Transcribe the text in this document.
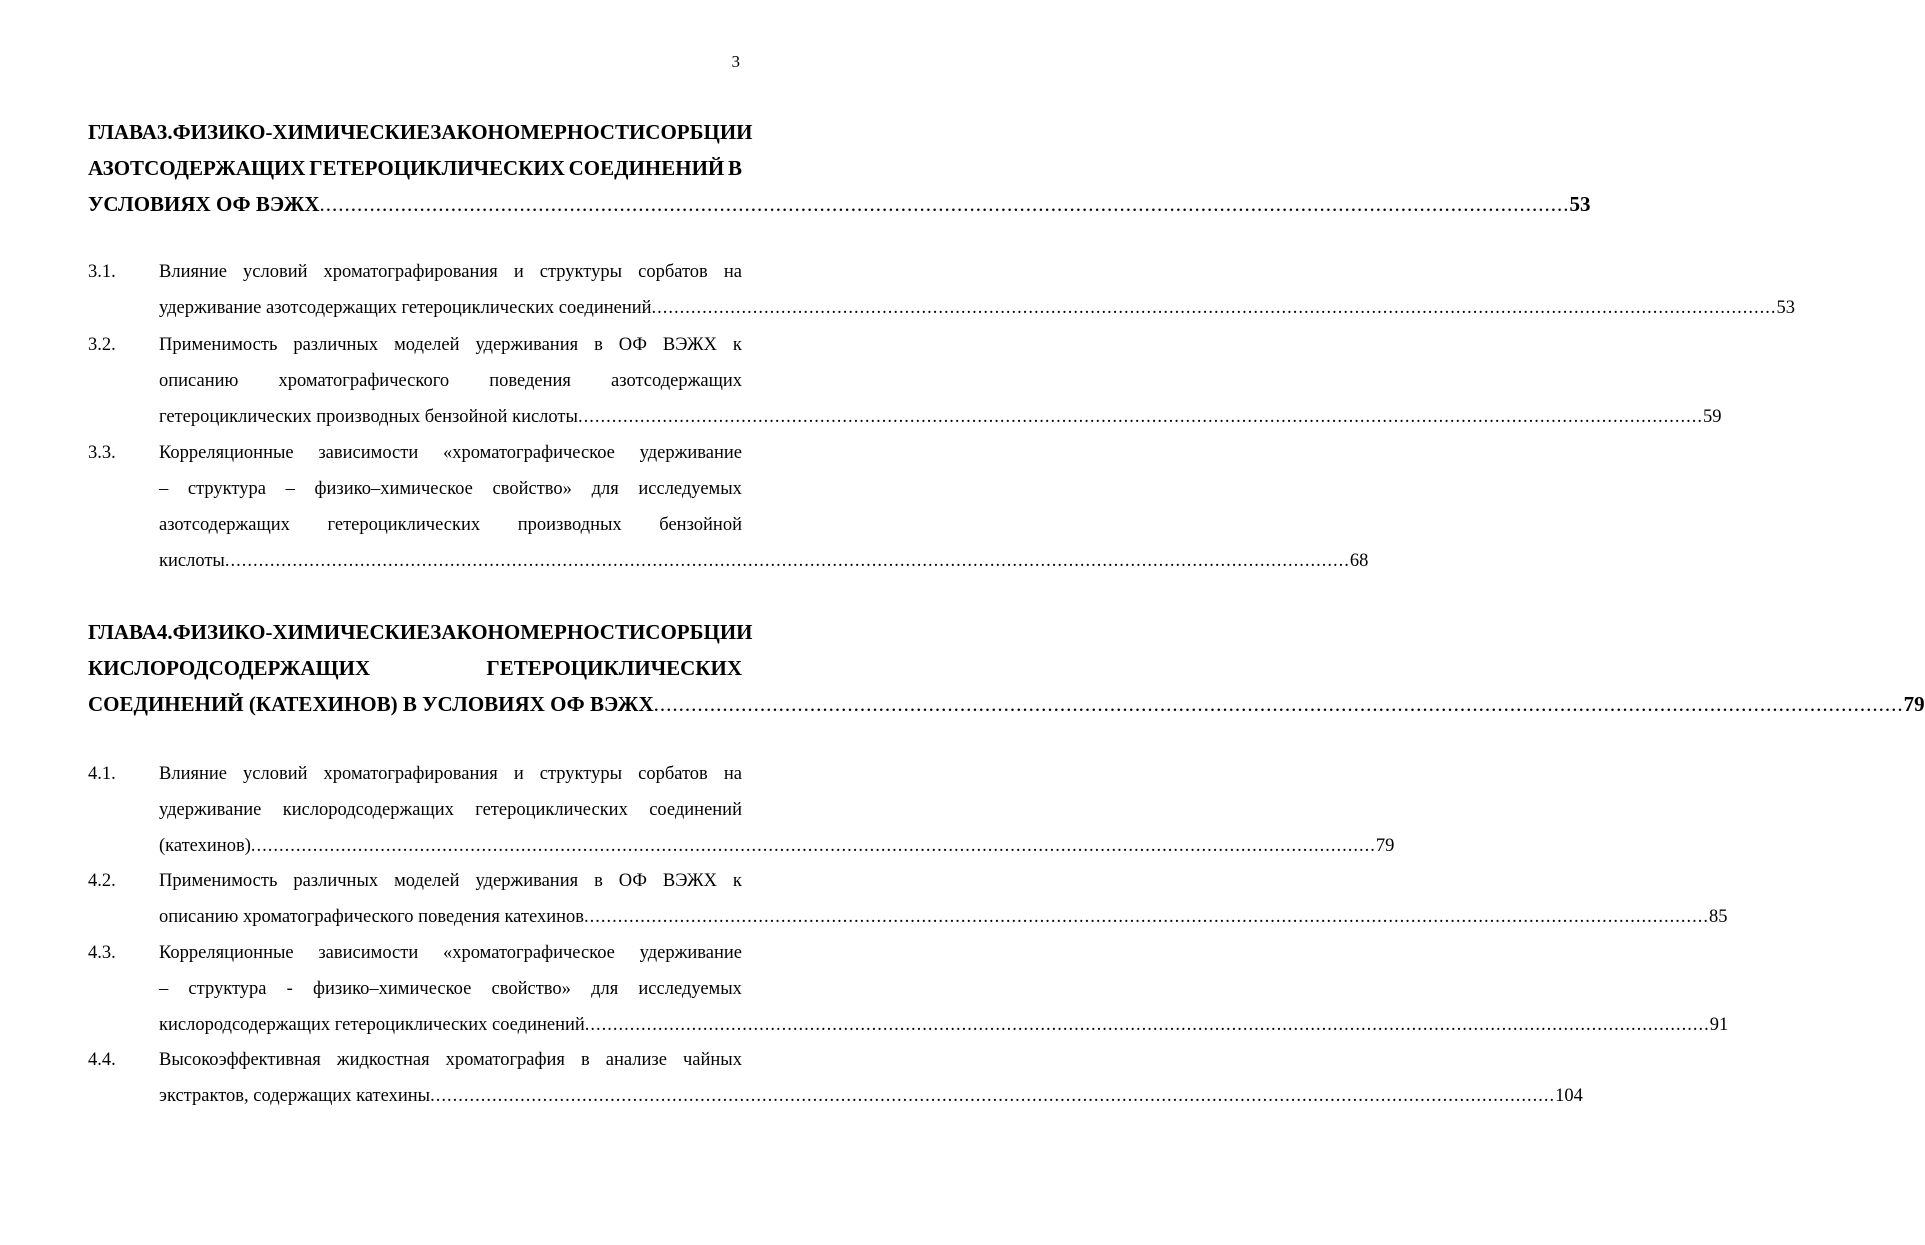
3
ГЛАВА 3. ФИЗИКО-ХИМИЧЕСКИЕ ЗАКОНОМЕРНОСТИ СОРБЦИИ
АЗОТСОДЕРЖАЩИХ ГЕТЕРОЦИКЛИЧЕСКИХ СОЕДИНЕНИЙ В
УСЛОВИЯХ ОФ ВЭЖХ ........................................................................................................................................................................................................ 53
3.1. Влияние условий хроматографирования и структуры сорбатов на
удерживание азотсодержащих гетероциклических соединений ........................................................................................................................................................................................................ 53
3.2. Применимость различных моделей удерживания в ОФ ВЭЖХ к
описанию хроматографического поведения азотсодержащих
гетероциклических производных бензойной кислоты ........................................................................................................................................................................................................ 59
3.3. Корреляционные зависимости «хроматографическое удерживание
– структура – физико–химическое свойство» для исследуемых
азотсодержащих гетероциклических производных бензойной
кислоты ........................................................................................................................................................................................................ 68
ГЛАВА 4. ФИЗИКО-ХИМИЧЕСКИЕ ЗАКОНОМЕРНОСТИ СОРБЦИИ
КИСЛОРОДСОДЕРЖАЩИХ	ГЕТЕРОЦИКЛИЧЕСКИХ
СОЕДИНЕНИЙ (КАТЕХИНОВ) В УСЛОВИЯХ ОФ ВЭЖХ ........................................................................................................................................................................................................ 79
4.1. Влияние условий хроматографирования и структуры сорбатов на
удерживание кислородсодержащих гетероциклических соединений
(катехинов) ........................................................................................................................................................................................................ 79
4.2. Применимость различных моделей удерживания в ОФ ВЭЖХ к
описанию хроматографического поведения катехинов ........................................................................................................................................................................................................ 85
4.3. Корреляционные зависимости «хроматографическое удерживание
– структура - физико–химическое свойство» для исследуемых
кислородсодержащих гетероциклических соединений ........................................................................................................................................................................................................ 91
4.4. Высокоэффективная жидкостная хроматография в анализе чайных
экстрактов, содержащих катехины ........................................................................................................................................................................................................ 104
